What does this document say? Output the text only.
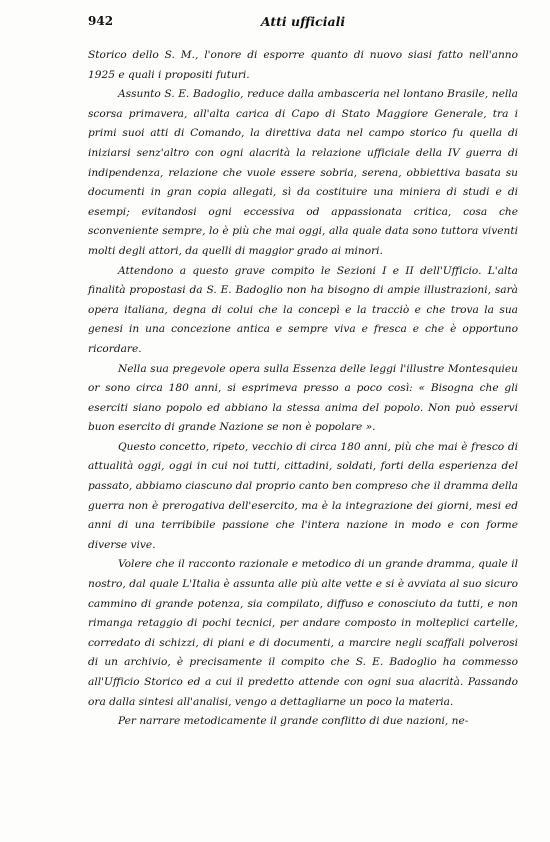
942	Atti ufficiali

Storico dello S. M., l'onore di esporre quanto di nuovo siasi fatto nell'anno 1925 e quali i propositi futuri.

Assunto S. E. Badoglio, reduce dalla ambasceria nel lontano Brasile, nella scorsa primavera, all'alta carica di Capo di Stato Maggiore Generale, tra i primi suoi atti di Comando, la direttiva data nel campo storico fu quella di iniziarsi senz'altro con ogni alacrità la relazione ufficiale della IV guerra di indipendenza, relazione che vuole essere sobria, serena, obbiettiva basata su documenti in gran copia allegati, sì da costituire una miniera di studi e di esempi; evitandosi ogni eccessiva od appassionata critica, cosa che sconveniente sempre, lo è più che mai oggi, alla quale data sono tuttora viventi molti degli attori, da quelli di maggior grado ai minori.

Attendono a questo grave compito le Sezioni I e II dell'Ufficio. L'alta finalità propostasi da S. E. Badoglio non ha bisogno di ampie illustrazioni, sarà opera italiana, degna di colui che la concepì e la tracciò e che trova la sua genesi in una concezione antica e sempre viva e fresca e che è opportuno ricordare.

Nella sua pregevole opera sulla Essenza delle leggi l'illustre Montesquieu or sono circa 180 anni, si esprimeva presso a poco così: « Bisogna che gli eserciti siano popolo ed abbiano la stessa anima del popolo. Non può esservi buon esercito di grande Nazione se non è popolare ».

Questo concetto, ripeto, vecchio di circa 180 anni, più che mai è fresco di attualità oggi, oggi in cui noi tutti, cittadini, soldati, forti della esperienza del passato, abbiamo ciascuno dal proprio canto ben compreso che il dramma della guerra non è prerogativa dell'esercito, ma è la integrazione dei giorni, mesi ed anni di una terribibile passione che l'intera nazione in modo e con forme diverse vive.

Volere che il racconto razionale e metodico di un grande dramma, quale il nostro, dal quale L'Italia è assunta alle più alte vette e si è avviata al suo sicuro cammino di grande potenza, sia compilato, diffuso e conosciuto da tutti, e non rimanga retaggio di pochi tecnici, per andare composto in molteplici cartelle, corredato di schizzi, di piani e di documenti, a marcire negli scaffali polverosi di un archivio, è precisamente il compito che S. E. Badoglio ha commesso all'Ufficio Storico ed a cui il predetto attende con ogni sua alacrità. Passando ora dalla sintesi all'analisi, vengo a dettagliarne un poco la materia.

Per narrare metodicamente il grande conflitto di due nazioni, ne-
